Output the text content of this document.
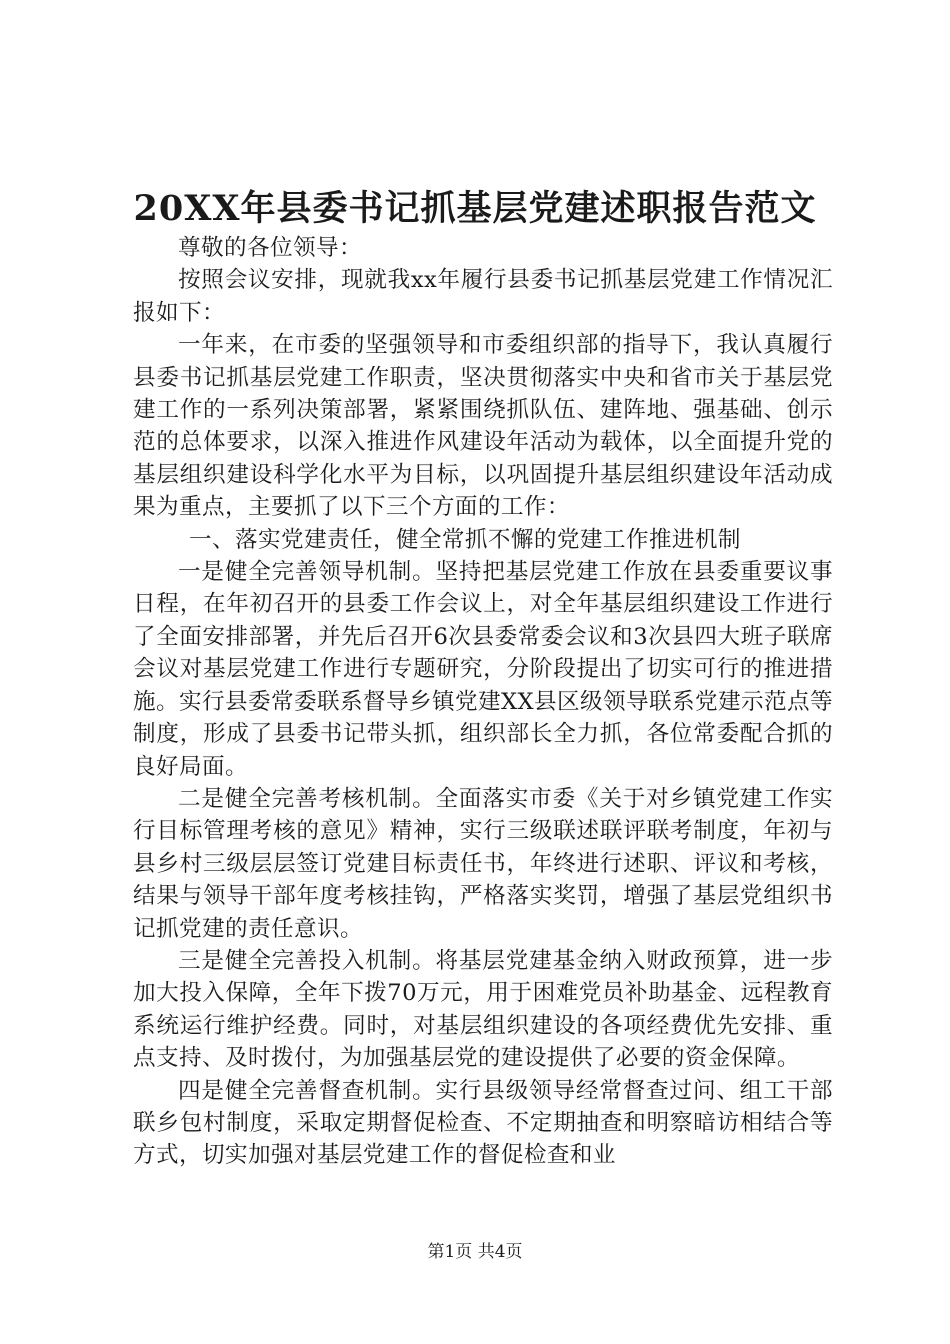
20XX年县委书记抓基层党建述职报告范文

尊敬的各位领导：

按照会议安排，现就我xx年履行县委书记抓基层党建工作情况汇报如下：

一年来，在市委的坚强领导和市委组织部的指导下，我认真履行县委书记抓基层党建工作职责，坚决贯彻落实中央和省市关于基层党建工作的一系列决策部署，紧紧围绕抓队伍、建阵地、强基础、创示范的总体要求，以深入推进作风建设年活动为载体，以全面提升党的基层组织建设科学化水平为目标，以巩固提升基层组织建设年活动成果为重点，主要抓了以下三个方面的工作：

一、落实党建责任，健全常抓不懈的党建工作推进机制

一是健全完善领导机制。坚持把基层党建工作放在县委重要议事日程，在年初召开的县委工作会议上，对全年基层组织建设工作进行了全面安排部署，并先后召开6次县委常委会议和3次县四大班子联席会议对基层党建工作进行专题研究，分阶段提出了切实可行的推进措施。实行县委常委联系督导乡镇党建XX县区级领导联系党建示范点等制度，形成了县委书记带头抓，组织部长全力抓，各位常委配合抓的良好局面。

二是健全完善考核机制。全面落实市委《关于对乡镇党建工作实行目标管理考核的意见》精神，实行三级联述联评联考制度，年初与县乡村三级层层签订党建目标责任书，年终进行述职、评议和考核，结果与领导干部年度考核挂钩，严格落实奖罚，增强了基层党组织书记抓党建的责任意识。

三是健全完善投入机制。将基层党建基金纳入财政预算，进一步加大投入保障，全年下拨70万元，用于困难党员补助基金、远程教育系统运行维护经费。同时，对基层组织建设的各项经费优先安排、重点支持、及时拨付，为加强基层党的建设提供了必要的资金保障。

四是健全完善督查机制。实行县级领导经常督查过问、组工干部联乡包村制度，采取定期督促检查、不定期抽查和明察暗访相结合等方式，切实加强对基层党建工作的督促检查和业

第1页 共4页
